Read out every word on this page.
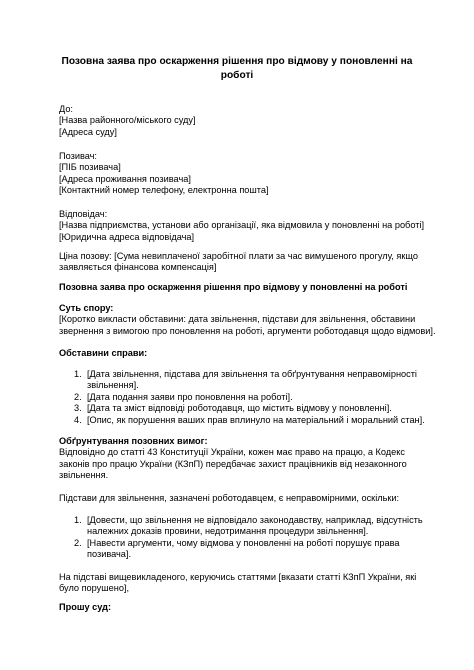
Позовна заява про оскарження рішення про відмову у поновленні на
роботі
До:
[Назва районного/міського суду]
[Адреса суду]
Позивач:
[ПІБ позивача]
[Адреса проживання позивача]
[Контактний номер телефону, електронна пошта]
Відповідач:
[Назва підприємства, установи або організації, яка відмовила у поновленні на роботі]
[Юридична адреса відповідача]
Ціна позову: [Сума невиплаченої заробітної плати за час вимушеного прогулу, якщо
заявляється фінансова компенсація]
Позовна заява про оскарження рішення про відмову у поновленні на роботі
Суть спору:
[Коротко викласти обставини: дата звільнення, підстави для звільнення, обставини
звернення з вимогою про поновлення на роботі, аргументи роботодавця щодо відмови].
Обставини справи:
1. [Дата звільнення, підстава для звільнення та обґрунтування неправомірності
звільнення].
2. [Дата подання заяви про поновлення на роботі].
3. [Дата та зміст відповіді роботодавця, що містить відмову у поновленні].
4. [Опис, як порушення ваших прав вплинуло на матеріальний і моральний стан].
Обґрунтування позовних вимог:
Відповідно до статті 43 Конституції України, кожен має право на працю, а Кодекс
законів про працю України (КЗпП) передбачає захист працівників від незаконного
звільнення.
Підстави для звільнення, зазначені роботодавцем, є неправомірними, оскільки:
1. [Довести, що звільнення не відповідало законодавству, наприклад, відсутність
належних доказів провини, недотримання процедури звільнення].
2. [Навести аргументи, чому відмова у поновленні на роботі порушує права
позивача].
На підставі вищевикладеного, керуючись статтями [вказати статті КЗпП України, які
було порушено],
Прошу суд:
